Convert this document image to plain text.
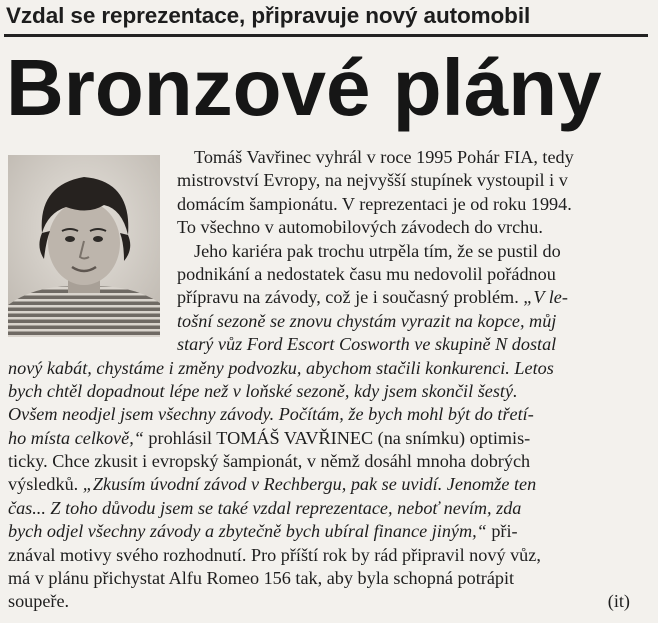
Vzdal se reprezentace, připravuje nový automobil
Bronzové plány
Tomáš Vavřinec vyhrál v roce 1995 Pohár FIA, tedy
mistrovství Evropy, na nejvyšší stupínek vystoupil i v
domácím šampionátu. V reprezentaci je od roku 1994.
To všechno v automobilových závodech do vrchu.
Jeho kariéra pak trochu utrpěla tím, že se pustil do
podnikání a nedostatek času mu nedovolil pořádnou
přípravu na závody, což je i současný problém. „V le-
tošní sezoně se znovu chystám vyrazit na kopce, můj
starý vůz Ford Escort Cosworth ve skupině N dostal
nový kabát, chystáme i změny podvozku, abychom stačili konkurenci. Letos
bych chtěl dopadnout lépe než v loňské sezoně, kdy jsem skončil šestý.
Ovšem neodjel jsem všechny závody. Počítám, že bych mohl být do třetí-
ho místa celkově,“ prohlásil TOMÁŠ VAVŘINEC (na snímku) optimis-
ticky. Chce zkusit i evropský šampionát, v němž dosáhl mnoha dobrých
výsledků. „Zkusím úvodní závod v Rechbergu, pak se uvidí. Jenomže ten
čas... Z toho důvodu jsem se také vzdal reprezentace, neboť nevím, zda
bych odjel všechny závody a zbytečně bych ubíral finance jiným,“ při-
znával motivy svého rozhodnutí. Pro příští rok by rád připravil nový vůz,
má v plánu přichystat Alfu Romeo 156 tak, aby byla schopná potrápit
soupeře.	(it)
